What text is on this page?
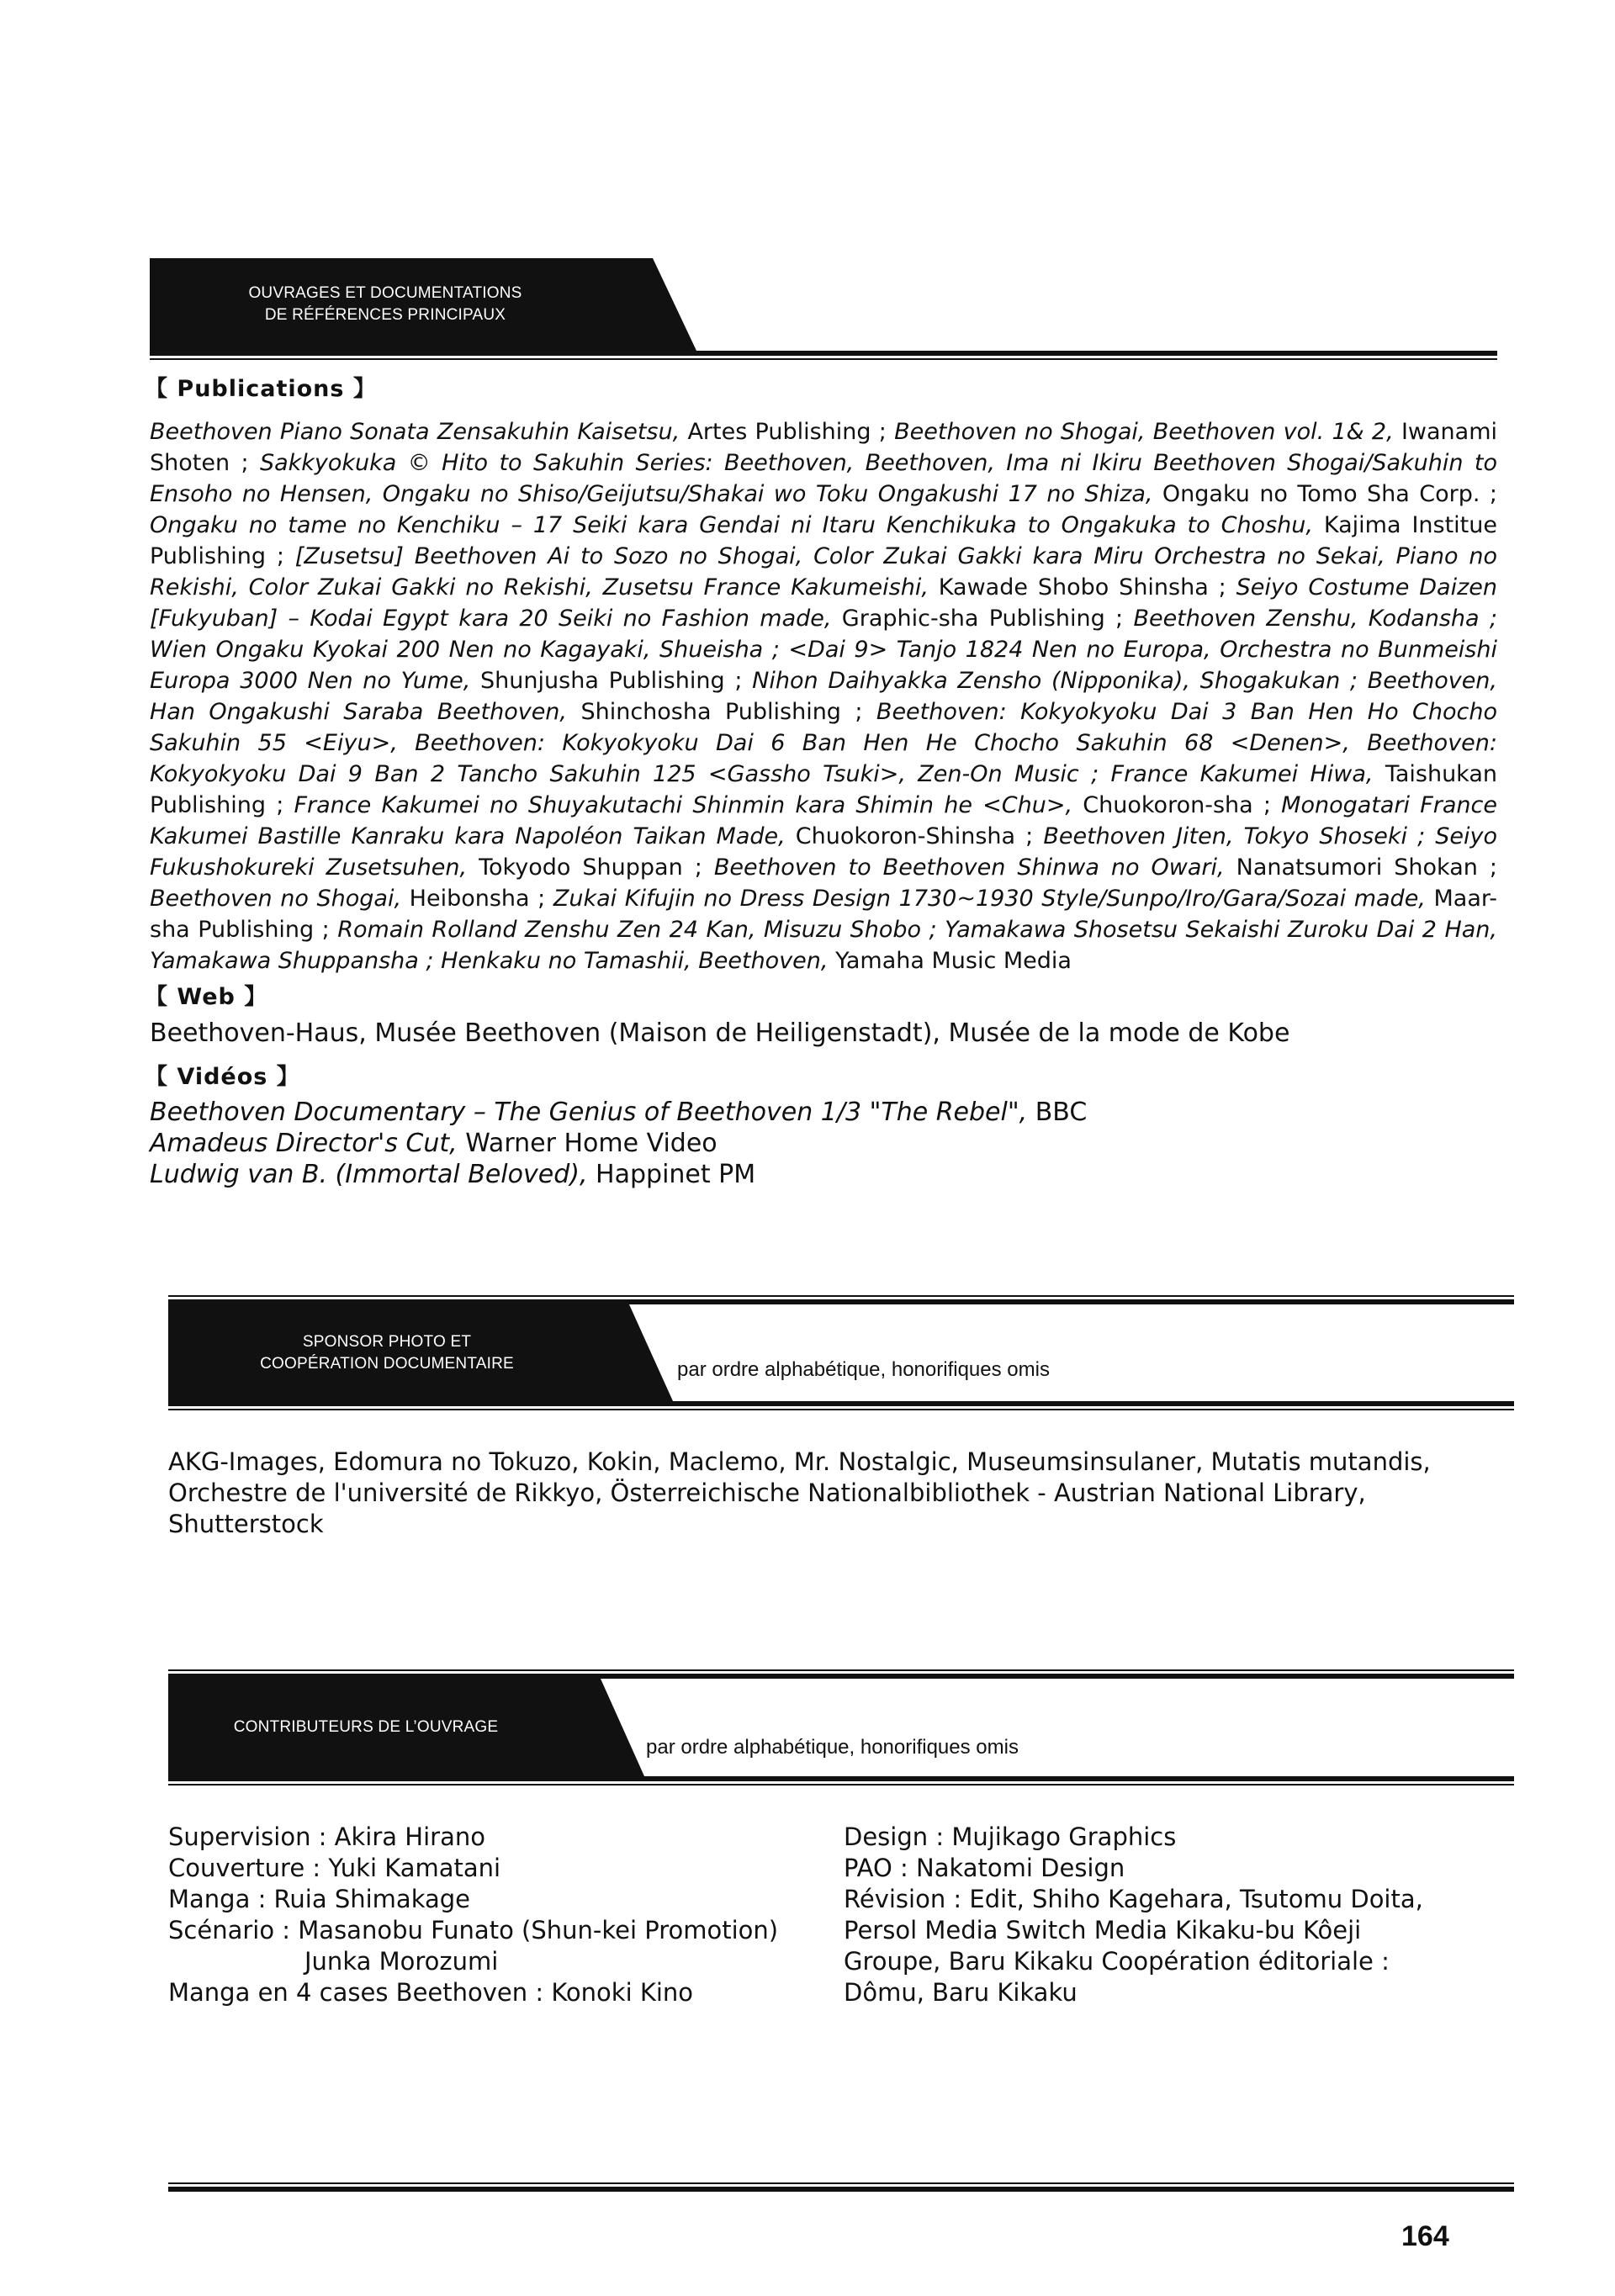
OUVRAGES ET DOCUMENTATIONS
DE RÉFÉRENCES PRINCIPAUX
【 Publications 】
Beethoven Piano Sonata Zensakuhin Kaisetsu, Artes Publishing ; Beethoven no Shogai, Beethoven vol. 1& 2, Iwanami Shoten ; Sakkyokuka © Hito to Sakuhin Series: Beethoven, Beethoven, Ima ni Ikiru Beethoven Shogai/Sakuhin to Ensoho no Hensen, Ongaku no Shiso/Geijutsu/Shakai wo Toku Ongakushi 17 no Shiza, Ongaku no Tomo Sha Corp. ; Ongaku no tame no Kenchiku – 17 Seiki kara Gendai ni Itaru Kenchikuka to Ongakuka to Choshu, Kajima Institue Publishing ; [Zusetsu] Beethoven Ai to Sozo no Shogai, Color Zukai Gakki kara Miru Orchestra no Sekai, Piano no Rekishi, Color Zukai Gakki no Rekishi, Zusetsu France Kakumeishi, Kawade Shobo Shinsha ; Seiyo Costume Daizen [Fukyuban] – Kodai Egypt kara 20 Seiki no Fashion made, Graphic-sha Publishing ; Beethoven Zenshu, Kodansha ; Wien Ongaku Kyokai 200 Nen no Kagayaki, Shueisha ; <Dai 9> Tanjo 1824 Nen no Europa, Orchestra no Bunmeishi Europa 3000 Nen no Yume, Shunjusha Publishing ; Nihon Daihyakka Zensho (Nipponika), Shogakukan ; Beethoven, Han Ongakushi Saraba Beethoven, Shinchosha Publishing ; Beethoven: Kokyokyoku Dai 3 Ban Hen Ho Chocho Sakuhin 55 <Eiyu>, Beethoven: Kokyokyoku Dai 6 Ban Hen He Chocho Sakuhin 68 <Denen>, Beethoven: Kokyokyoku Dai 9 Ban 2 Tancho Sakuhin 125 <Gassho Tsuki>, Zen-On Music ; France Kakumei Hiwa, Taishukan Publishing ; France Kakumei no Shuyakutachi Shinmin kara Shimin he <Chu>, Chuokoron-sha ; Monogatari France Kakumei Bastille Kanraku kara Napoléon Taikan Made, Chuokoron-Shinsha ; Beethoven Jiten, Tokyo Shoseki ; Seiyo Fukushokureki Zusetsuhen, Tokyodo Shuppan ; Beethoven to Beethoven Shinwa no Owari, Nanatsumori Shokan ; Beethoven no Shogai, Heibonsha ; Zukai Kifujin no Dress Design 1730~1930 Style/Sunpo/Iro/Gara/Sozai made, Maar-sha Publishing ; Romain Rolland Zenshu Zen 24 Kan, Misuzu Shobo ; Yamakawa Shosetsu Sekaishi Zuroku Dai 2 Han, Yamakawa Shuppansha ; Henkaku no Tamashii, Beethoven, Yamaha Music Media
【 Web 】
Beethoven-Haus, Musée Beethoven (Maison de Heiligenstadt), Musée de la mode de Kobe
【 Vidéos 】
Beethoven Documentary – The Genius of Beethoven 1/3 "The Rebel", BBC
Amadeus Director's Cut, Warner Home Video
Ludwig van B. (Immortal Beloved), Happinet PM
SPONSOR PHOTO ET
COOPÉRATION DOCUMENTAIRE	par ordre alphabétique, honorifiques omis
AKG-Images, Edomura no Tokuzo, Kokin, Maclemo, Mr. Nostalgic, Museumsinsulaner, Mutatis mutandis, Orchestre de l'université de Rikkyo, Österreichische Nationalbibliothek - Austrian National Library, Shutterstock
CONTRIBUTEURS DE L’OUVRAGE
par ordre alphabétique, honorifiques omis
Supervision : Akira Hirano
Couverture : Yuki Kamatani
Manga : Ruia Shimakage
Scénario : Masanobu Funato (Shun-kei Promotion)
Junka Morozumi
Manga en 4 cases Beethoven : Konoki Kino
Design : Mujikago Graphics
PAO : Nakatomi Design
Révision : Edit, Shiho Kagehara, Tsutomu Doita,
Persol Media Switch Media Kikaku-bu Kôeji
Groupe, Baru Kikaku Coopération éditoriale :
Dômu, Baru Kikaku
164
